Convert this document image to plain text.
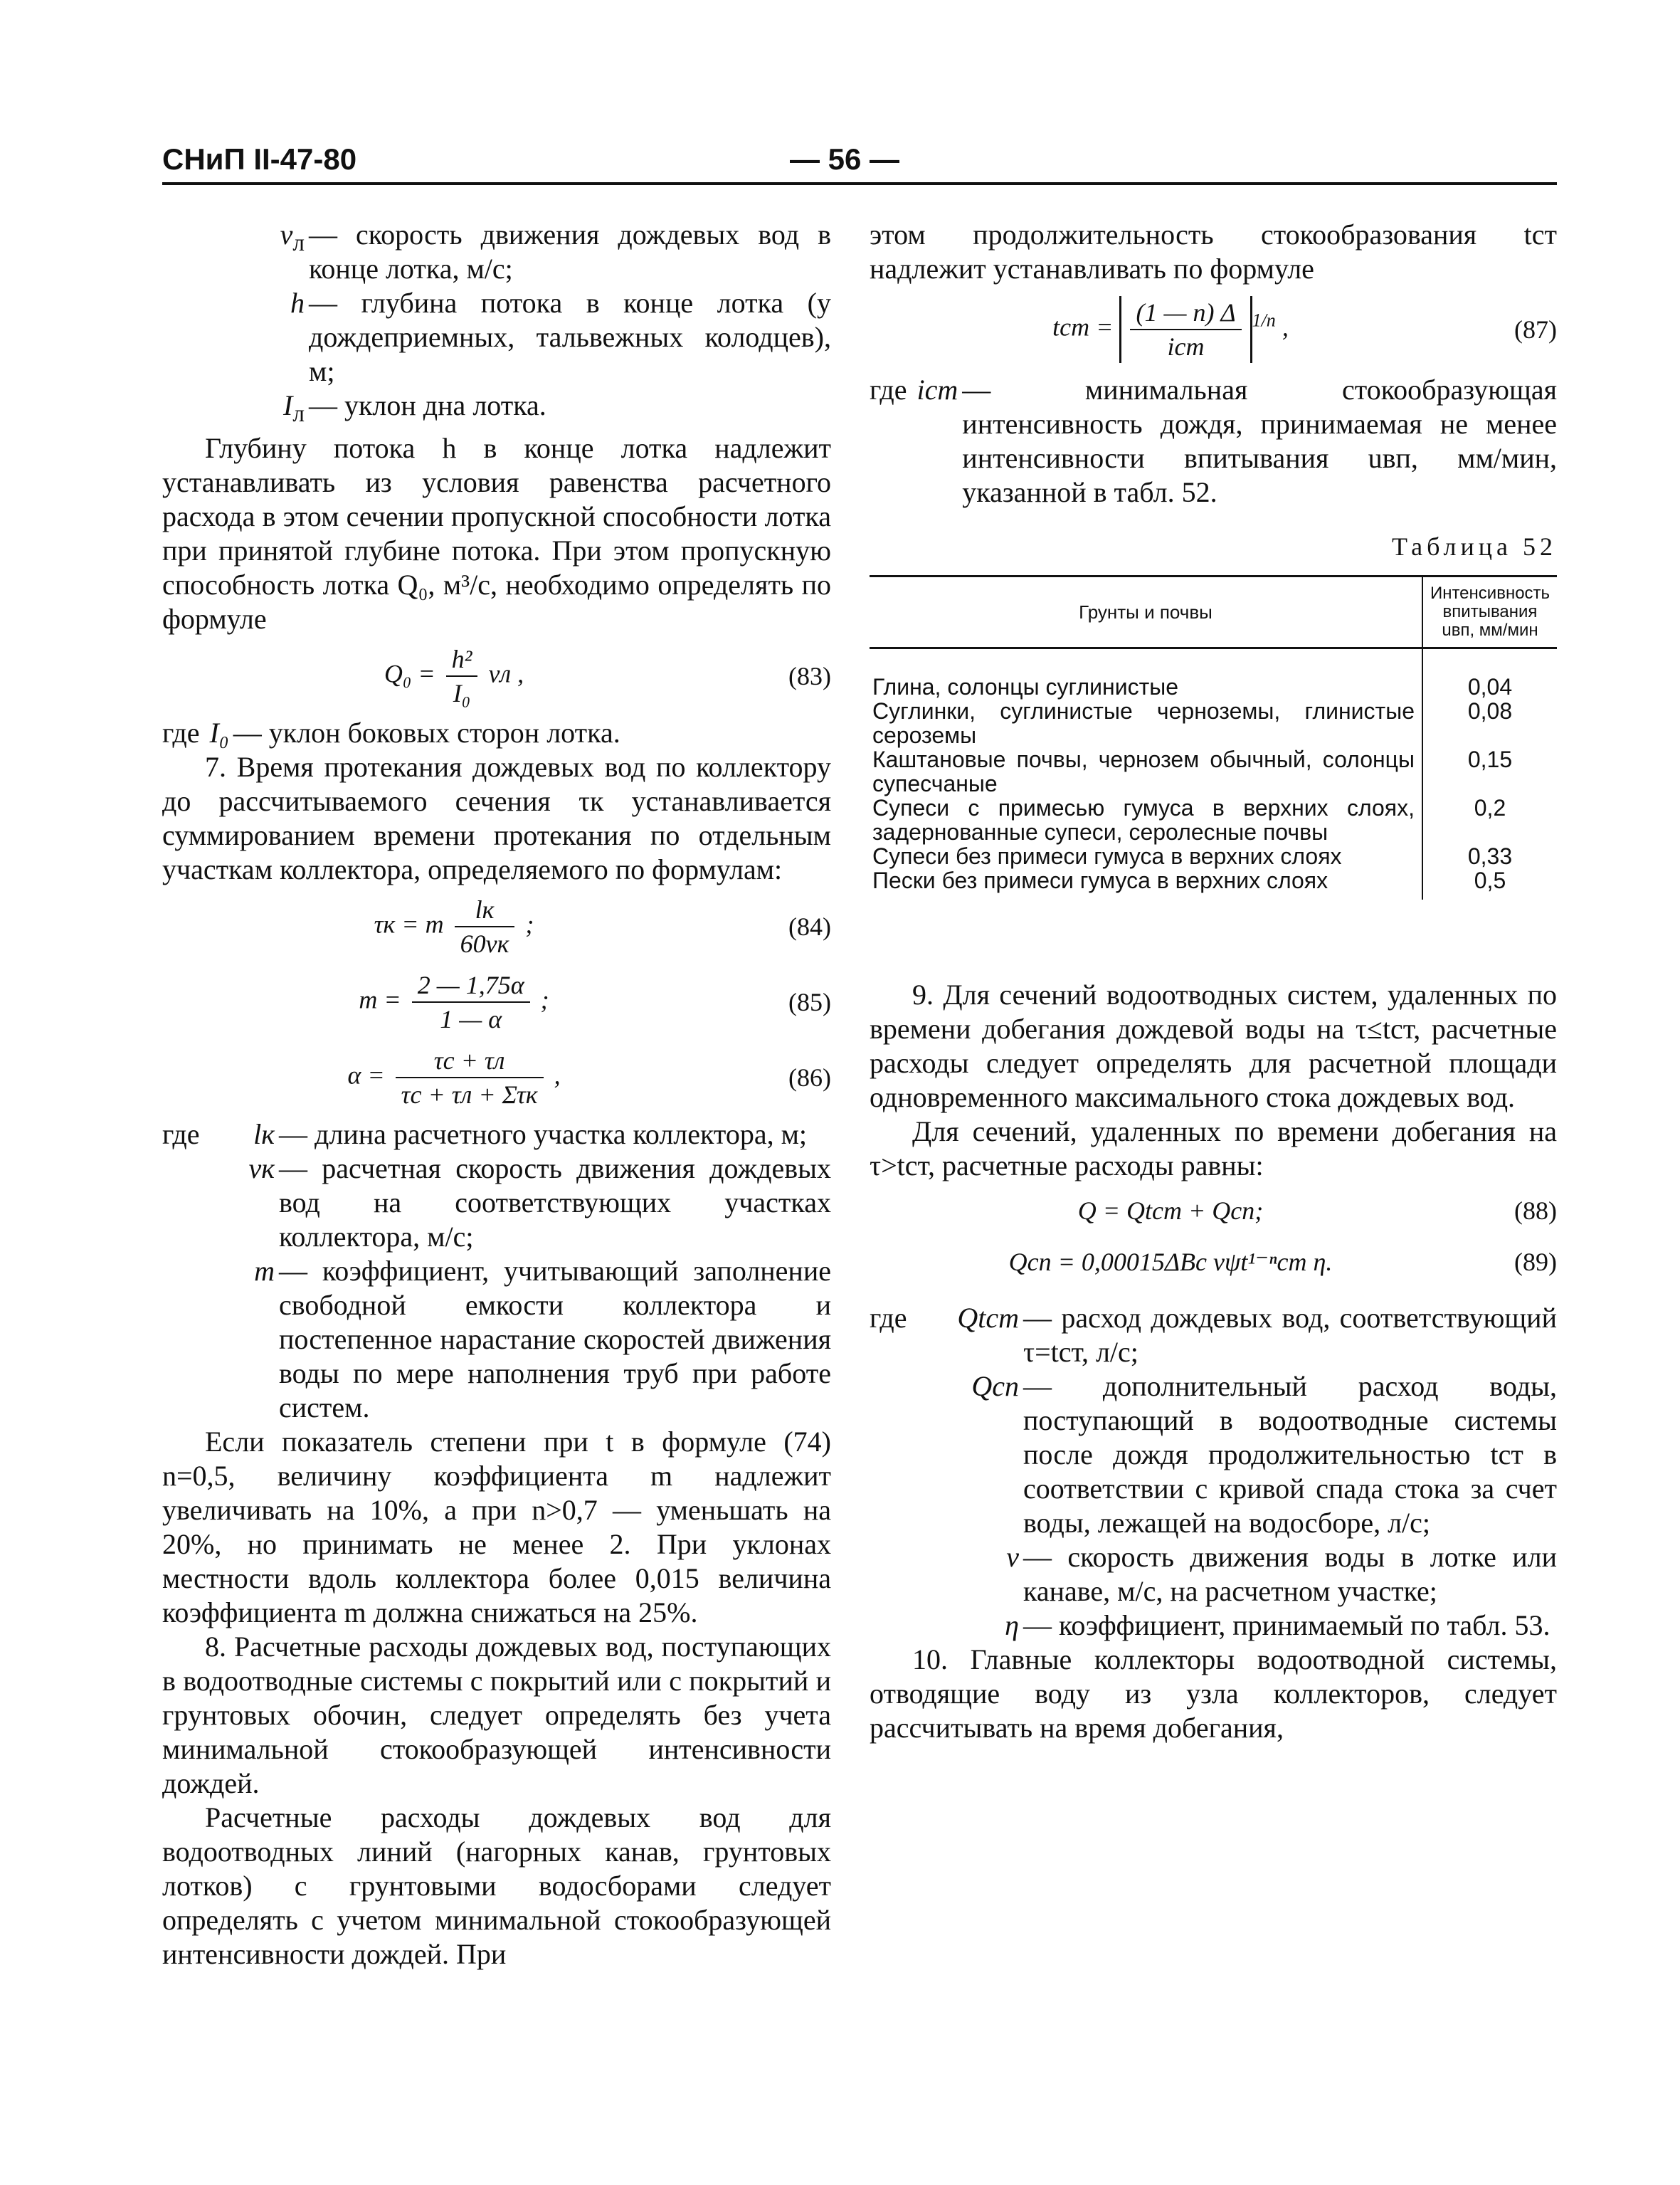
СНиП II-47-80	— 56 —
$v_л$ — скорость движения дождевых вод в конце лотка, м/с;
h — глубина потока в конце лотка (у дождеприемных, тальвежных колодцев), м;
$I_л$ — уклон дна лотка.

Глубину потока h в конце лотка надлежит устанавливать из условия равенства расчетного расхода в этом сечении пропускной способности лотка при принятой глубине потока. При этом пропускную способность лотка Q₀, м³/с, необходимо определять по формуле

$Q_0 = \frac{\text{h²}}{\text{I₀}}$ vл ,	(83)
где I₀ — уклон боковых сторон лотка.

7. Время протекания дождевых вод по коллектору до рассчитываемого сечения τк устанавливается суммированием времени протекания по отдельным участкам коллектора, определяемого по формулам:

τк = m $\frac{lк}{60vк}$ ;	(84)
$m = \frac{2 — 1,75\alpha}{1 — \alpha}$ ;	(85)
$\alpha = \frac{\tau c + \tau л}{\text{τc + τл + Στк}}$ ,	(86)
где	lк — длина расчетного участка коллектора, м;
vк — расчетная скорость движения дождевых вод на соответствующих участках коллектора, м/с;
m — коэффициент, учитывающий заполнение свободной емкости коллектора и постепенное нарастание скоростей движения воды по мере наполнения труб при работе систем.

Если показатель степени при t в формуле (74) n=0,5, величину коэффициента m надлежит увеличивать на 10%, а при n>0,7 — уменьшать на 20%, но принимать не менее 2. При уклонах местности вдоль коллектора более 0,015 величина коэффициента m должна снижаться на 25%.

8. Расчетные расходы дождевых вод, поступающих в водоотводные системы с покрытий или с покрытий и грунтовых обочин, следует определять без учета минимальной стокообразующей интенсивности дождей.

Расчетные расходы дождевых вод для водоотводных линий (нагорных канав, грунтовых лотков) с грунтовыми водосборами следует определять с учетом минимальной стокообразующей интенсивности дождей. При

этом продолжительность стокообразования tст надлежит устанавливать по формуле

tст = $\frac{(1 — n) \Delta}{\text{iст}} ^{1/n}$ ,	(87)
где iст — минимальная стокообразующая интенсивность дождя, принимаемая не менее интенсивности впитывания uвп, мм/мин, указанной в табл. 52.
Таблица 52
Грунты и почвы	Интенсивность впитывания uвп, мм/мин
Глина, солонцы суглинистые	0,04
Суглинки, суглинистые черноземы, глинистые сероземы	0,08
Каштановые почвы, чернозем обычный, солонцы супесчаные	0,15
Супеси с примесью гумуса в верхних слоях, задернованные супеси, серолесные почвы	0,2
Супеси без примеси гумуса в верхних слоях	0,33
Пески без примеси гумуса в верхних слоях	0,5

9. Для сечений водоотводных систем, удаленных по времени добегания дождевой воды на τ≤tст, расчетные расходы следует определять для расчетной площади одновременного максимального стока дождевых вод.

Для сечений, удаленных по времени добегания на τ>tст, расчетные расходы равны:

Q = Qtст + Qсп;	(88)
Qсп = 0,00015ΔBс vψt¹⁻ⁿст η.	(89)
где	Qtст — расход дождевых вод, соответствующий τ=tст, л/с;
Qсп — дополнительный расход воды, поступающий в водоотводные системы после дождя продолжительностью tст в соответствии с кривой спада стока за счет воды, лежащей на водосборе, л/с;
v — скорость движения воды в лотке или канаве, м/с, на расчетном участке;
η — коэффициент, принимаемый по табл. 53.

10. Главные коллекторы водоотводной системы, отводящие воду из узла коллекторов, следует рассчитывать на время добегания,
